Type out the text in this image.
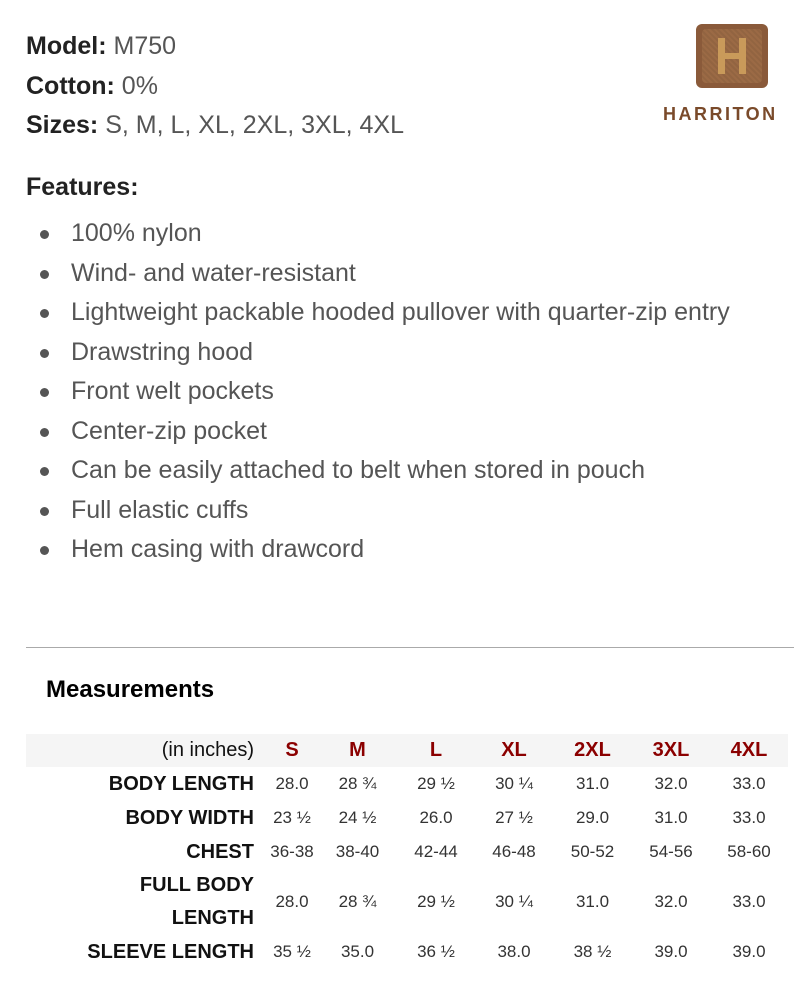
Model: M750
Cotton: 0%
Sizes: S, M, L, XL, 2XL, 3XL, 4XL	HARRITON
Features:
100% nylon
Wind- and water-resistant
Lightweight packable hooded pullover with quarter-zip entry
Drawstring hood
Front welt pockets
Center-zip pocket
Can be easily attached to belt when stored in pouch
Full elastic cuffs
Hem casing with drawcord
Measurements
(in inches)	S	M	L	XL	2XL	3XL	4XL
BODY LENGTH	28.0	28 ¾	29 ½	30 ¼	31.0	32.0	33.0
BODY WIDTH	23 ½	24 ½	26.0	27 ½	29.0	31.0	33.0
CHEST	36-38	38-40	42-44	46-48	50-52	54-56	58-60
FULL BODY
LENGTH	28.0	28 ¾	29 ½	30 ¼	31.0	32.0	33.0
SLEEVE LENGTH	35 ½	35.0	36 ½	38.0	38 ½	39.0	39.0
